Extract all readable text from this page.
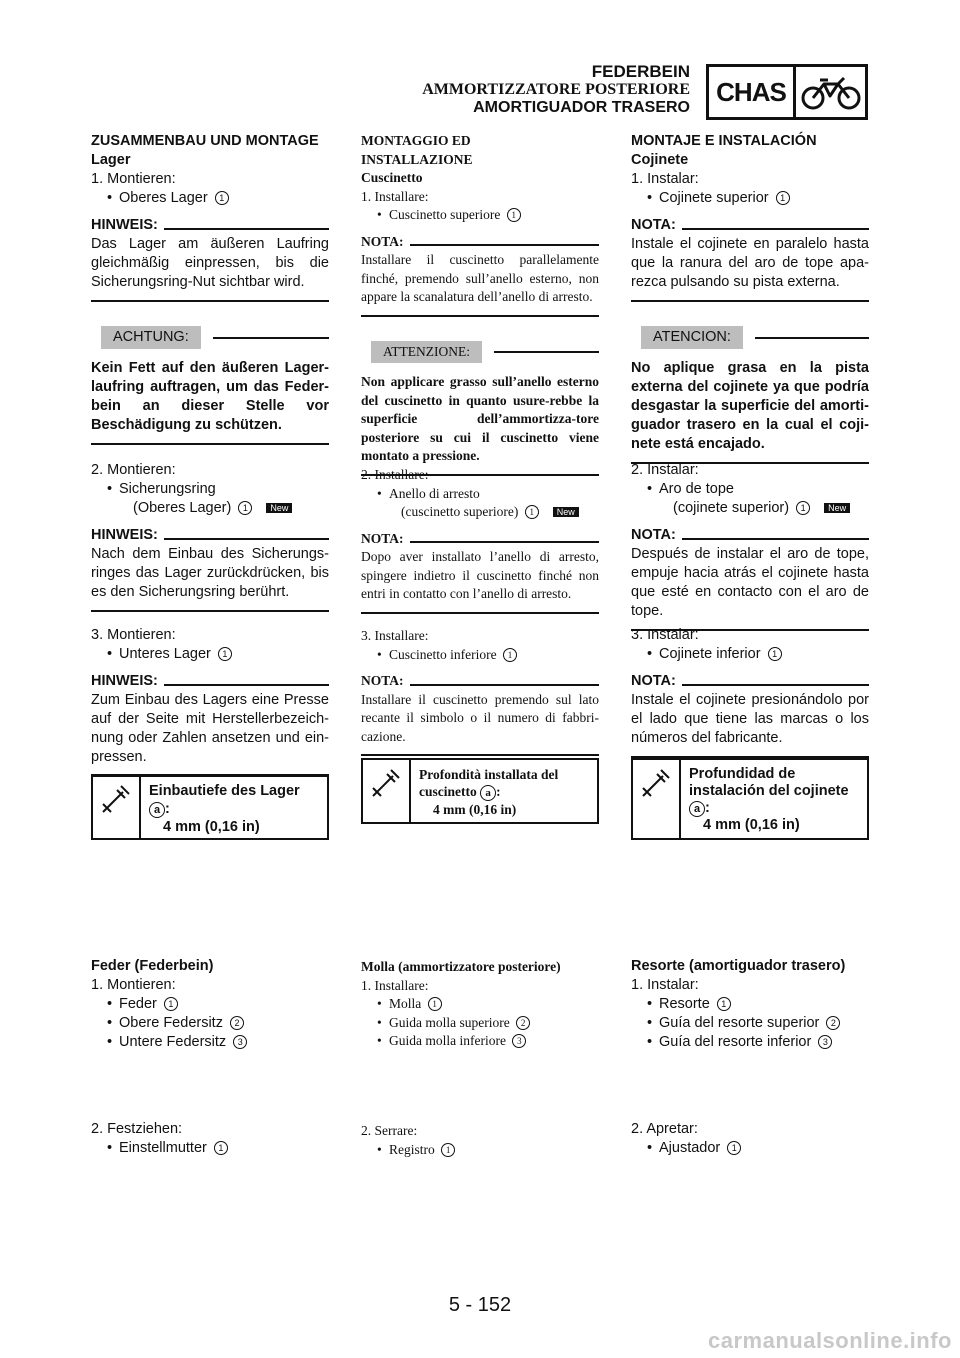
FEDERBEIN
AMMORTIZZATORE POSTERIORE
AMORTIGUADOR TRASERO
CHAS
ZUSAMMENBAU UND MONTAGE
Lager
1. Montieren:
• Oberes Lager 1
HINWEIS:
Das Lager am äußeren Laufring gleichmäßig einpressen, bis die Sicherungsring-Nut sichtbar wird.
ACHTUNG:
Kein Fett auf den äußeren Lager-laufring auftragen, um das Feder-bein an dieser Stelle vor Beschädigung zu schützen.
2. Montieren:
• Sicherungsring
(Oberes Lager) 1	New
HINWEIS:
Nach dem Einbau des Sicherungs-ringes das Lager zurückdrücken, bis es den Sicherungsring berührt.
3. Montieren:
• Unteres Lager 1
HINWEIS:
Zum Einbau des Lagers eine Presse auf der Seite mit Herstellerbezeich-nung oder Zahlen ansetzen und ein-pressen.
Einbautiefe des Lager
a :
4 mm (0,16 in)
Feder (Federbein)
1. Montieren:
• Feder 1
• Obere Federsitz 2
• Untere Federsitz 3
2. Festziehen:
• Einstellmutter 1
MONTAGGIO ED
INSTALLAZIONE
Cuscinetto
1. Installare:
• Cuscinetto superiore 1
NOTA:
Installare il cuscinetto parallelamente finché, premendo sull’anello esterno, non appare la scanalatura dell’anello di arresto.
ATTENZIONE:
Non applicare grasso sull’anello esterno del cuscinetto in quanto usure-rebbe la superficie dell’ammortizza-tore posteriore su cui il cuscinetto viene montato a pressione.
2. Installare:
• Anello di arresto
(cuscinetto superiore) 1	New
NOTA:
Dopo aver installato l’anello di arresto, spingere indietro il cuscinetto finché non entri in contatto con l’anello di arresto.
3. Installare:
• Cuscinetto inferiore 1
NOTA:
Installare il cuscinetto premendo sul lato recante il simbolo o il numero di fabbri-cazione.
Profondità installata del
cuscinetto a :
4 mm (0,16 in)
Molla (ammortizzatore posteriore)
1. Installare:
• Molla 1
• Guida molla superiore 2
• Guida molla inferiore 3
2. Serrare:
• Registro 1
MONTAJE E INSTALACIÓN
Cojinete
1. Instalar:
• Cojinete superior 1
NOTA:
Instale el cojinete en paralelo hasta que la ranura del aro de tope apa-rezca pulsando su pista externa.
ATENCION:
No aplique grasa en la pista externa del cojinete ya que podría desgastar la superficie del amorti-guador trasero en la cual el coji-nete está encajado.
2. Instalar:
• Aro de tope
(cojinete superior) 1	New
NOTA:
Después de instalar el aro de tope, empuje hacia atrás el cojinete hasta que esté en contacto con el aro de tope.
3. Instalar:
• Cojinete inferior 1
NOTA:
Instale el cojinete presionándolo por el lado que tiene las marcas o los números del fabricante.
Profundidad de
instalación del cojinete
a :
4 mm (0,16 in)
Resorte (amortiguador trasero)
1. Instalar:
• Resorte 1
• Guía del resorte superior 2
• Guía del resorte inferior 3
2. Apretar:
• Ajustador 1
5 - 152
carmanualsonline.info
